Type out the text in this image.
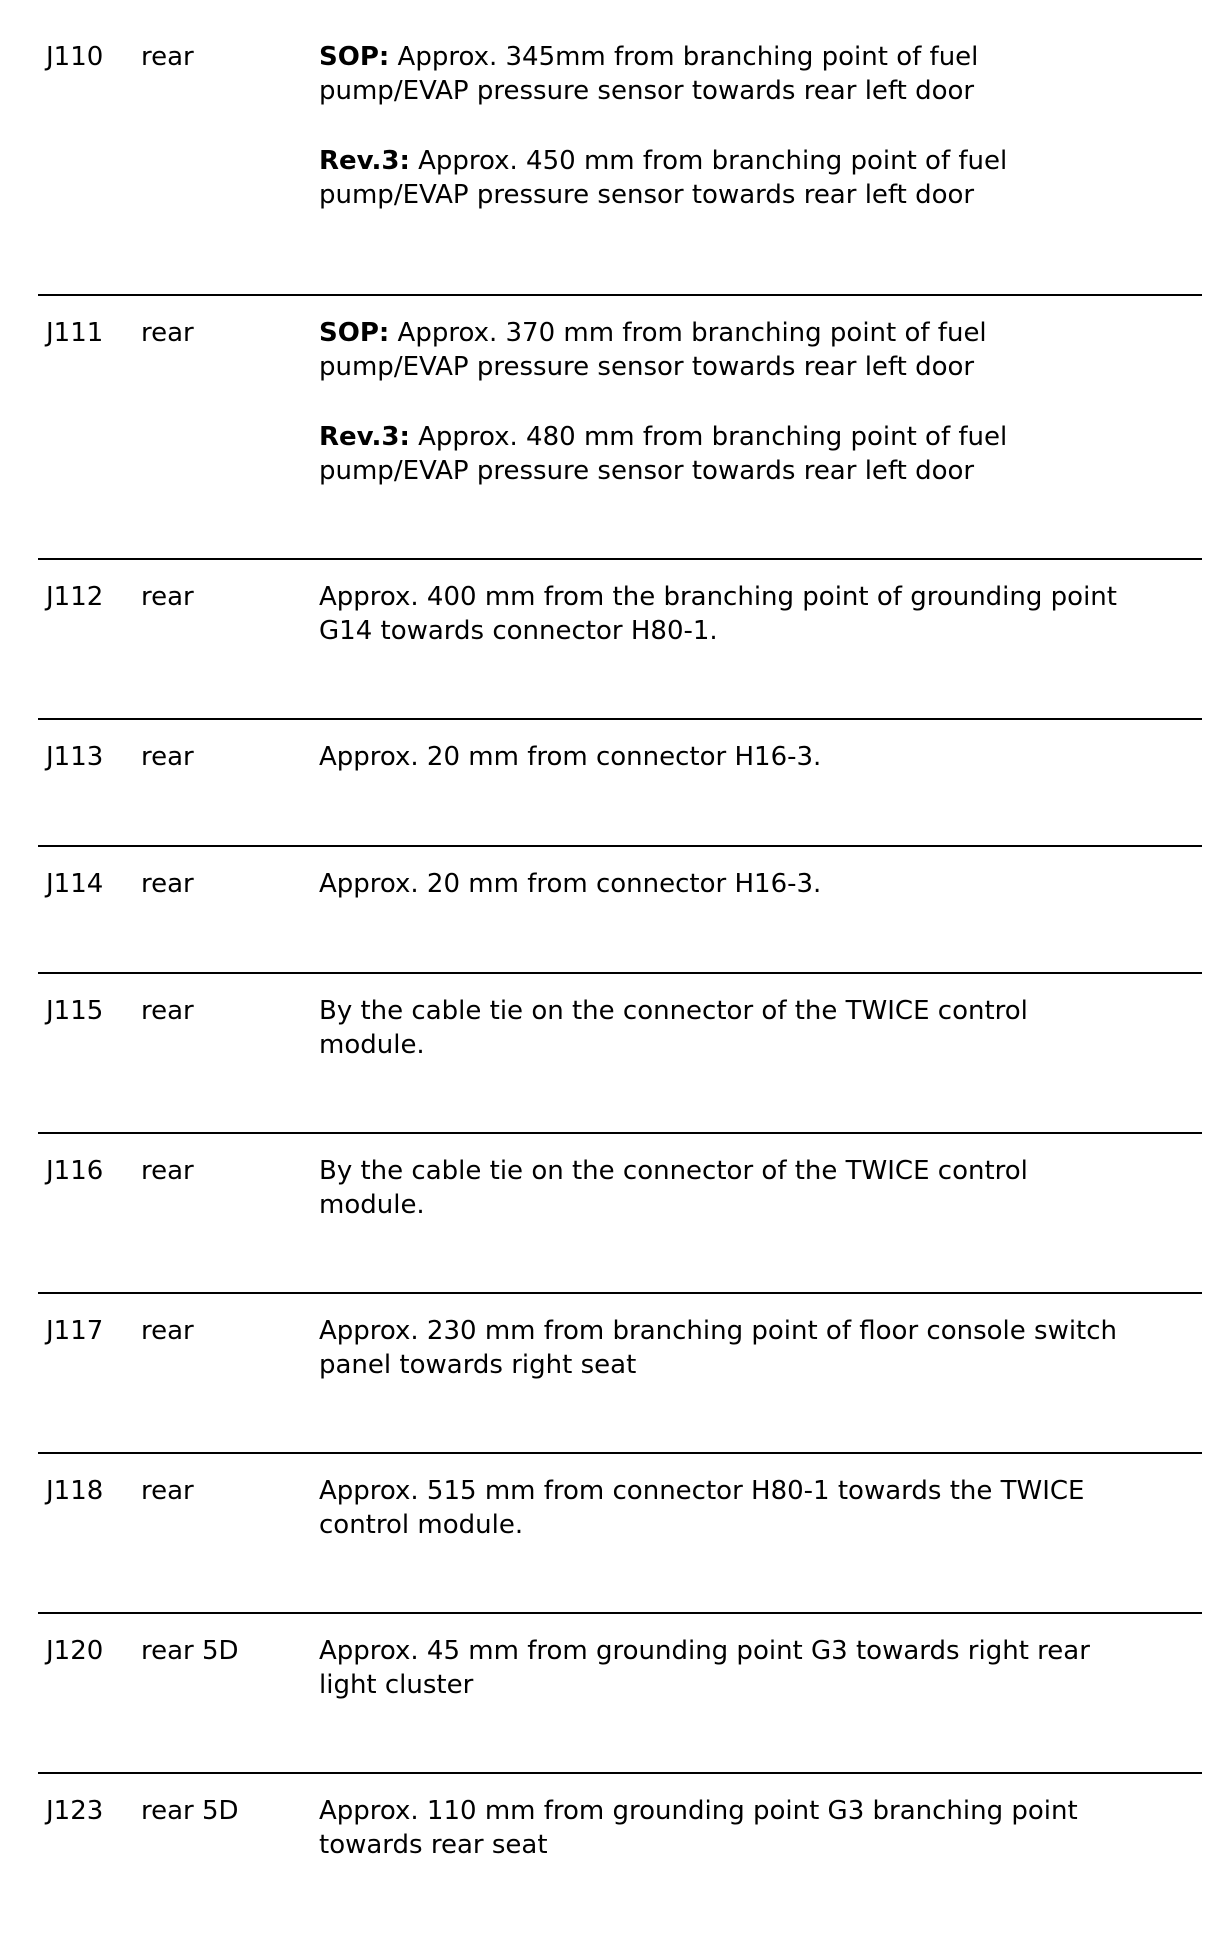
J110 rear	SOP: Approx. 345mm from branching point of fuel
pump/EVAP pressure sensor towards rear left door

Rev.3: Approx. 450 mm from branching point of fuel
pump/EVAP pressure sensor towards rear left door

J111 rear	SOP: Approx. 370 mm from branching point of fuel
pump/EVAP pressure sensor towards rear left door

Rev.3: Approx. 480 mm from branching point of fuel
pump/EVAP pressure sensor towards rear left door

J112 rear	Approx. 400 mm from the branching point of grounding point
G14 towards connector H80-1.

J113 rear	Approx. 20 mm from connector H16-3.

J114 rear	Approx. 20 mm from connector H16-3.

J115 rear	By the cable tie on the connector of the TWICE control
module.

J116 rear	By the cable tie on the connector of the TWICE control
module.

J117 rear	Approx. 230 mm from branching point of floor console switch
panel towards right seat

J118 rear	Approx. 515 mm from connector H80-1 towards the TWICE
control module.

J120 rear 5D	Approx. 45 mm from grounding point G3 towards right rear
light cluster

J123 rear 5D	Approx. 110 mm from grounding point G3 branching point
towards rear seat
